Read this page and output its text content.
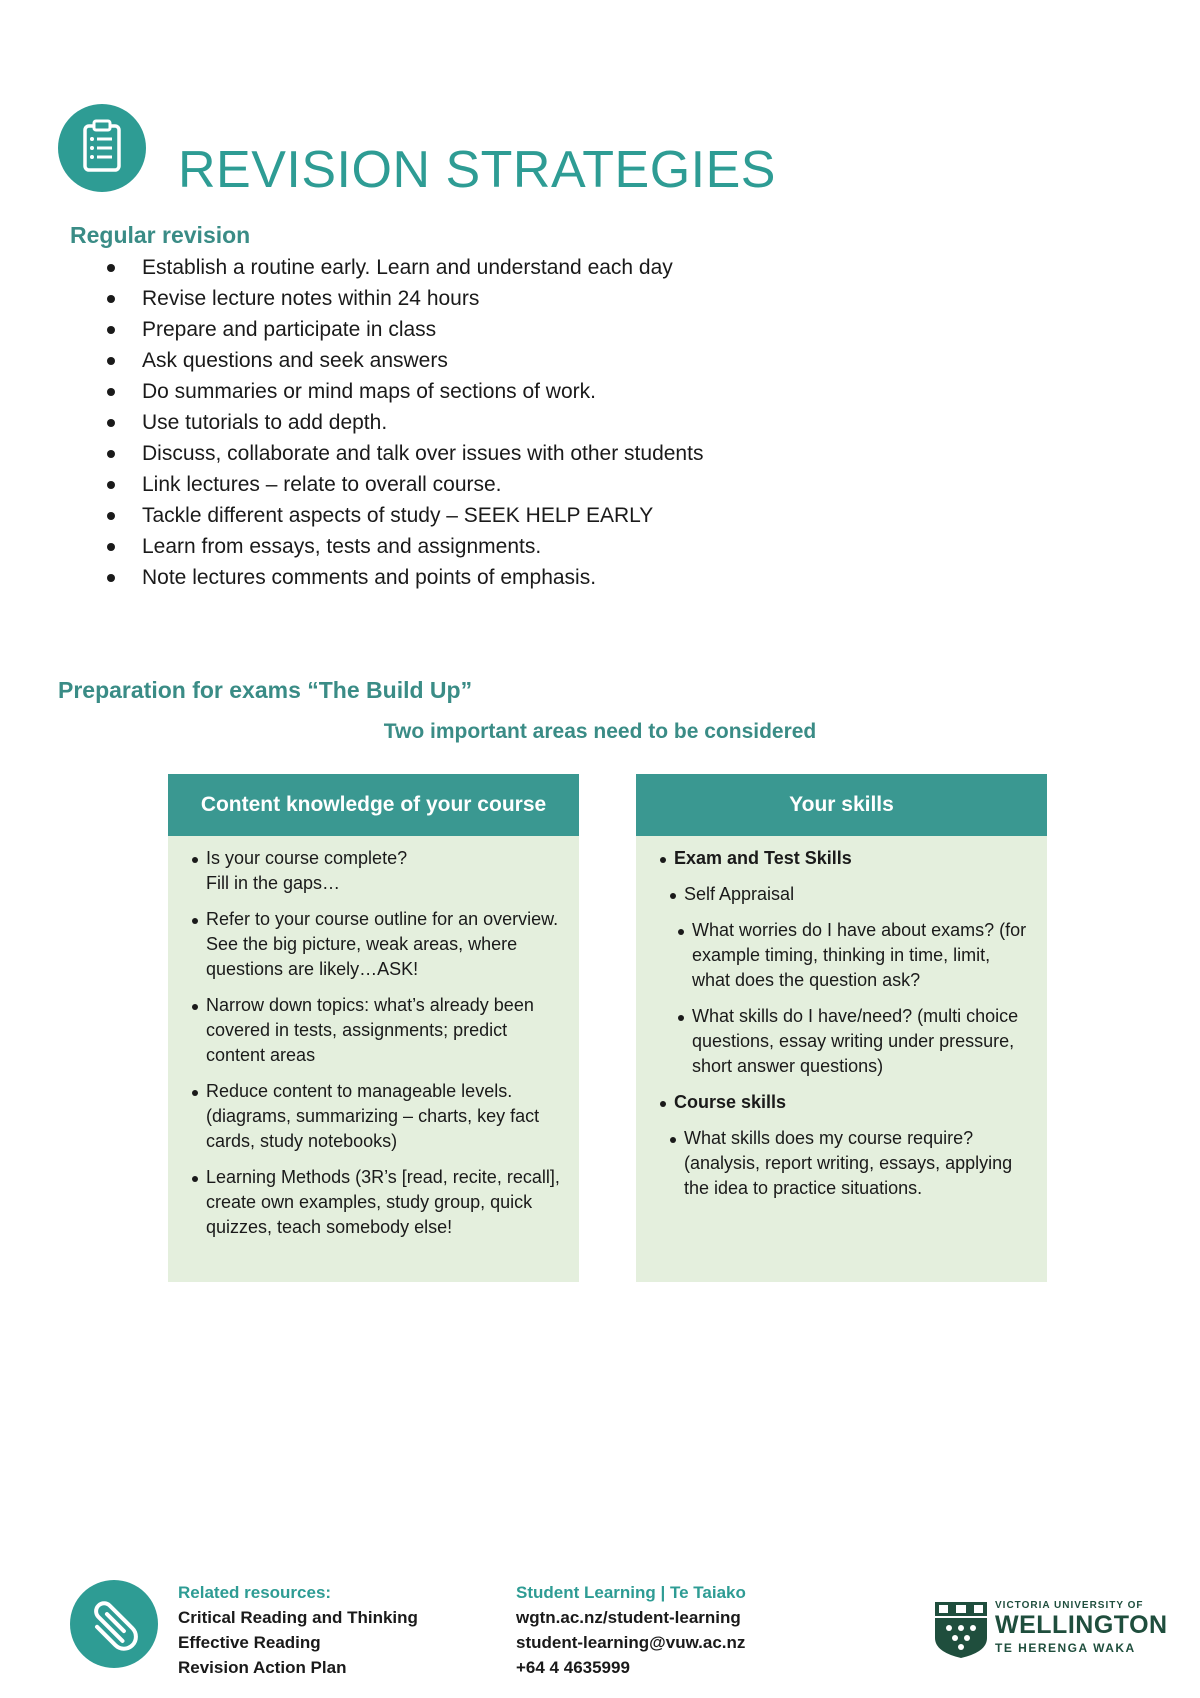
REVISION STRATEGIES
Regular revision
Establish a routine early. Learn and understand each day
Revise lecture notes within 24 hours
Prepare and participate in class
Ask questions and seek answers
Do summaries or mind maps of sections of work.
Use tutorials to add depth.
Discuss, collaborate and talk over issues with other students
Link lectures – relate to overall course.
Tackle different aspects of study – SEEK HELP EARLY
Learn from essays, tests and assignments.
Note lectures comments and points of emphasis.
Preparation for exams “The Build Up”
Two important areas need to be considered
Content knowledge of your course
Is your course complete?
Fill in the gaps…
Refer to your course outline for an overview. See the big picture, weak areas, where questions are likely…ASK!
Narrow down topics: what’s already been covered in tests, assignments; predict content areas
Reduce content to manageable levels. (diagrams, summarizing – charts, key fact cards, study notebooks)
Learning Methods (3R’s [read, recite, recall], create own examples, study group, quick quizzes, teach somebody else!
Your skills
Exam and Test Skills
Self Appraisal
What worries do I have about exams? (for example timing, thinking in time, limit, what does the question ask?
What skills do I have/need? (multi choice questions, essay writing under pressure, short answer questions)
Course skills
What skills does my course require? (analysis, report writing, essays, applying the idea to practice situations.
Related resources:
Critical Reading and Thinking
Effective Reading
Revision Action Plan
Student Learning | Te Taiako
wgtn.ac.nz/student-learning
student-learning@vuw.ac.nz
+64 4 4635999
VICTORIA UNIVERSITY OF
WELLINGTON
TE HERENGA WAKA
